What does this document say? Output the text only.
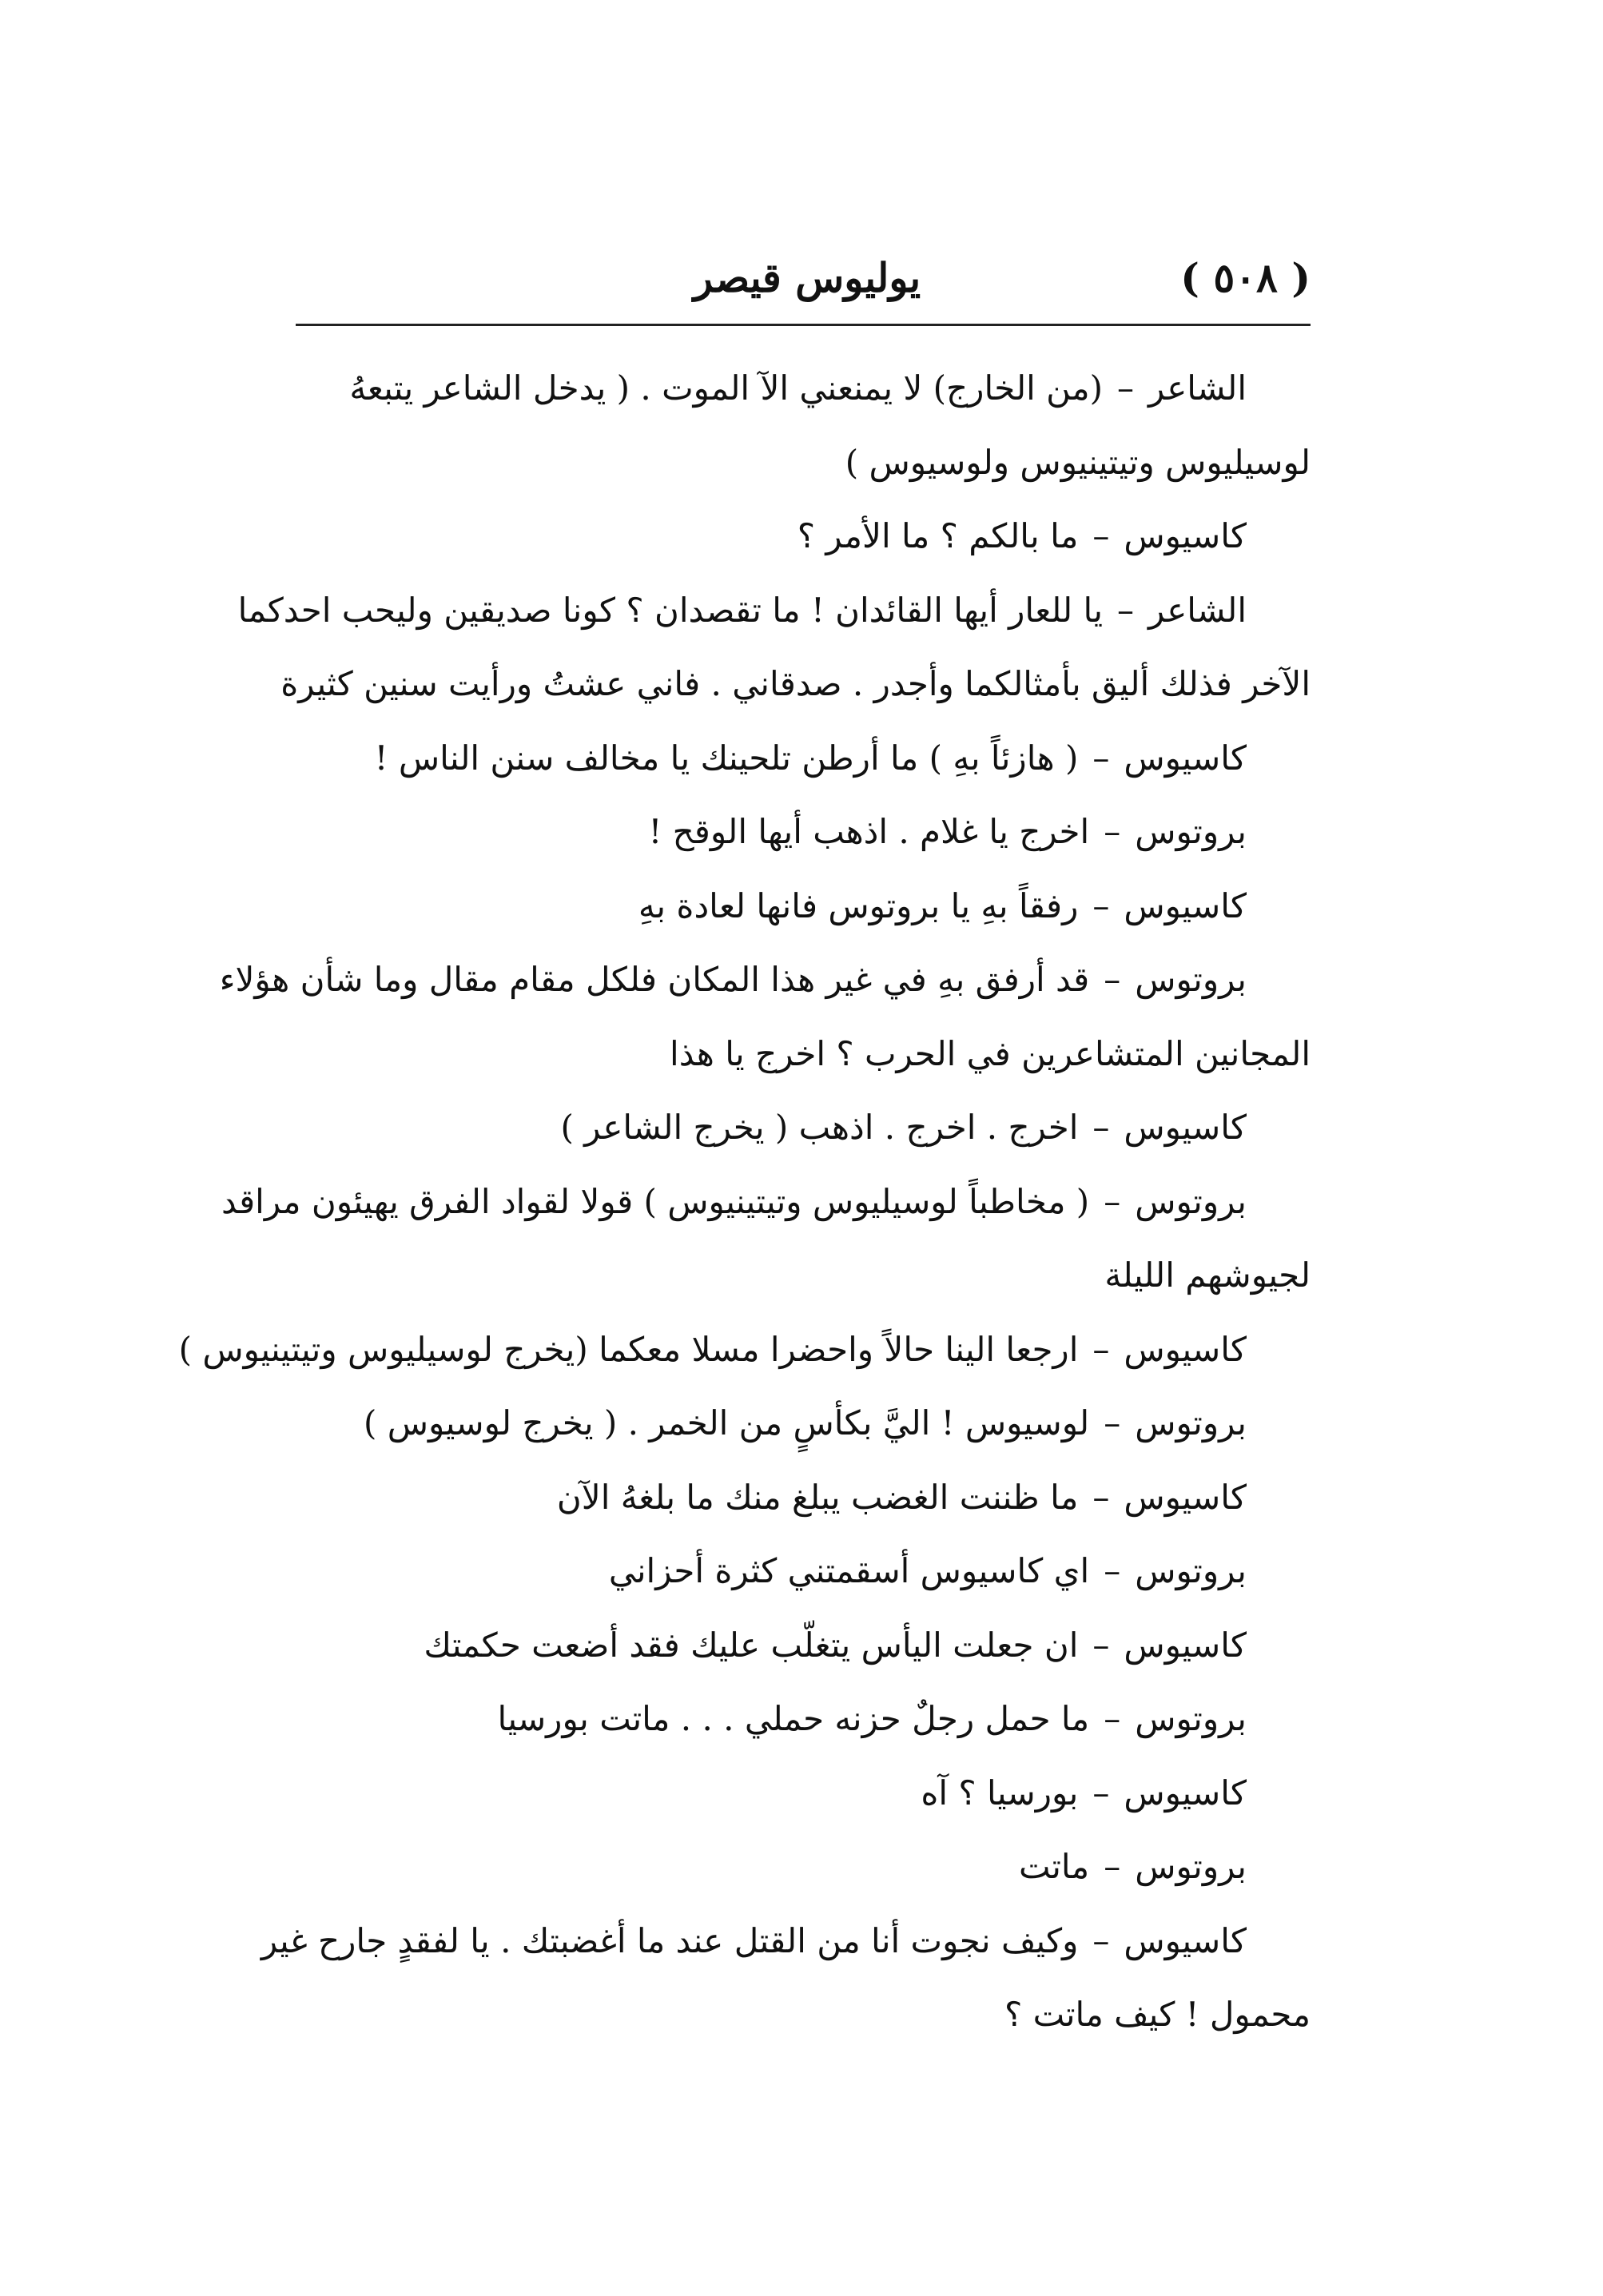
يوليوس قيصر	( ٥٠٨ )
الشاعر–(من الخارج) لا يمنعني الآ الموت . ( يدخل الشاعر يتبعهُ
لوسيليوس وتيتينيوس ولوسيوس )
كاسيوس–ما بالكم ؟ ما الأمر ؟
الشاعر–يا للعار أيها القائدان ! ما تقصدان ؟ كونا صديقين وليحب احدكما
الآخر فذلك أليق بأمثالكما وأجدر . صدقاني . فاني عشتُ ورأيت سنين كثيرة
كاسيوس–( هازئاً بهِ ) ما أرطن تلحينك يا مخالف سنن الناس !
بروتوس–اخرج يا غلام . اذهب أيها الوقح !
كاسيوس–رفقاً بهِ يا بروتوس فانها لعادة بهِ
بروتوس–قد أرفق بهِ في غير هذا المكان فلكل مقام مقال وما شأن هؤلاء
المجانين المتشاعرين في الحرب ؟ اخرج يا هذا
كاسيوس–اخرج . اخرج . اذهب ( يخرج الشاعر )
بروتوس–( مخاطباً لوسيليوس وتيتينيوس ) قولا لقواد الفرق يهيئون مراقد
لجيوشهم الليلة
كاسيوس–ارجعا الينا حالاً واحضرا مسلا معكما (يخرج لوسيليوس وتيتينيوس )
بروتوس–لوسيوس ! اليَّ بكأسٍ من الخمر . ( يخرج لوسيوس )
كاسيوس–ما ظننت الغضب يبلغ منك ما بلغهُ الآن
بروتوس–اي كاسيوس أسقمتني كثرة أحزاني
كاسيوس–ان جعلت اليأس يتغلّب عليك فقد أضعت حكمتك
بروتوس–ما حمل رجلٌ حزنه حملي . . . ماتت بورسيا
كاسيوس–بورسيا ؟ آه
بروتوس–ماتت
كاسيوس–وكيف نجوت أنا من القتل عند ما أغضبتك . يا لفقدٍ جارح غير
محمول ! كيف ماتت ؟
